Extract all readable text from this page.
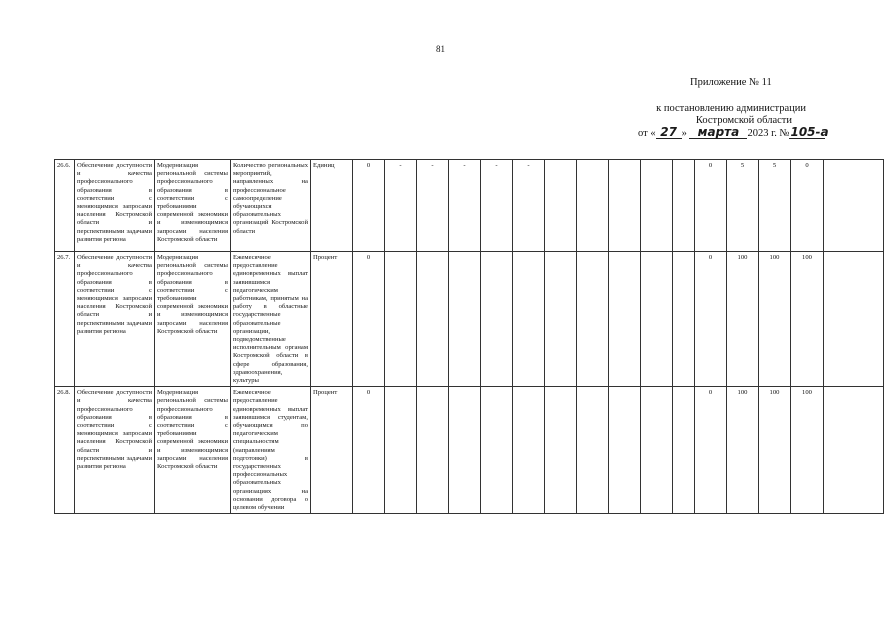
81
Приложение № 11
к постановлению администрации
Костромской области
от « 27 » марта 2023 г. №105-а
26.6.	Обеспечение доступности и качества профессионального образования в соответствии с меняющимися запросами населения Костромской области и перспективными задачами развития региона	Модернизация региональной системы профессионального образования в соответствии с требованиями современной экономики и изменяющимися запросами населения Костромской области	Количество региональных мероприятий, направленных на профессиональное самоопределение обучающихся образовательных организаций Костромской области	Единиц	0	-	-	-	-	-						0	5	5	0	
26.7.	Обеспечение доступности и качества профессионального образования в соответствии с меняющимися запросами населения Костромской области и перспективными задачами развития региона	Модернизация региональной системы профессионального образования в соответствии с требованиями современной экономики и изменяющимися запросами населения Костромской области	Ежемесячное предоставление единовременных выплат заявившимся педагогическим работникам, принятым на работу в областные государственные образовательные организации, подведомственные исполнительным органам Костромской области в сфере образования, здравоохранения, культуры	Процент	0											0	100	100	100	
26.8.	Обеспечение доступности и качества профессионального образования в соответствии с меняющимися запросами населения Костромской области и перспективными задачами развития региона	Модернизация региональной системы профессионального образования в соответствии с требованиями современной экономики и изменяющимися запросами населения Костромской области	Ежемесячное предоставление единовременных выплат заявившимся студентам, обучающимся по педагогическим специальностям (направлениям подготовки) в государственных профессиональных образовательных организациях на основании договора о целевом обучении	Процент	0											0	100	100	100	
